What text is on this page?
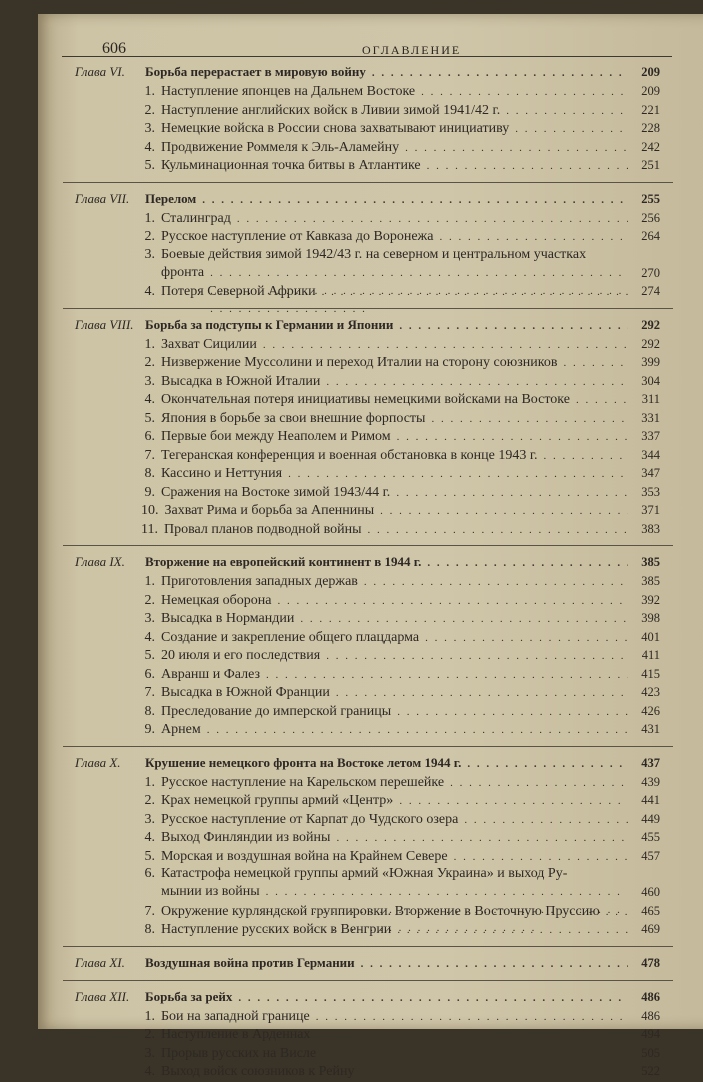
606	ОГЛАВЛЕНИЕ
Глава VI.	Борьба перерастает в мировую войну . . .	209
1. Наступление японцев на Дальнем Востоке . . .	209
2. Наступление английских войск в Ливии зимой 1941/42 г. . . .	221
3. Немецкие войска в России снова захватывают инициативу . . .	228
4. Продвижение Роммеля к Эль-Аламейну . . .	242
5. Кульминационная точка битвы в Атлантике . . .	251
Глава VII.	Перелом . . .	255
1. Сталинград . . .	256
2. Русское наступление от Кавказа до Воронежа . . .	264
3. Боевые действия зимой 1942/43 г. на северном и центральном участках
фронта . . .	270
4. Потеря Северной Африки . . .	274
Глава VIII. Борьба за подступы к Германии и Японии . . .	292
1. Захват Сицилии . . .	292
2. Низвержение Муссолини и переход Италии на сторону союзников . . .	399
3. Высадка в Южной Италии . . .	304
4. Окончательная потеря инициативы немецкими войсками на Востоке . . .	311
5. Япония в борьбе за свои внешние форпосты . . .	331
6. Первые бои между Неаполем и Римом . . .	337
7. Тегеранская конференция и военная обстановка в конце 1943 г. . . .	344
8. Кассино и Неттуния . . .	347
9. Сражения на Востоке зимой 1943/44 г. . . .	353
10. Захват Рима и борьба за Апеннины . . .	371
11. Провал планов подводной войны . . .	383
Глава IX.	Вторжение на европейский континент в 1944 г. . . .	385
1. Приготовления западных держав . . .	385
2. Немецкая оборона . . .	392
3. Высадка в Нормандии . . .	398
4. Создание и закрепление общего плацдарма . . .	401
5. 20 июля и его последствия . . .	411
6. Авранш и Фалез . . .	415
7. Высадка в Южной Франции . . .	423
8. Преследование до имперской границы . . .	426
9. Арнем . . .	431
Глава X.	Крушение немецкого фронта на Востоке летом 1944 г. . . .	437
1. Русское наступление на Карельском перешейке . . .	439
2. Крах немецкой группы армий «Центр» . . .	441
3. Русское наступление от Карпат до Чудского озера . . .	449
4. Выход Финляндии из войны . . .	455
5. Морская и воздушная война на Крайнем Севере . . .	457
6. Катастрофа немецкой группы армий «Южная Украина» и выход Ру-
мынии из войны . . .	460
7. Окружение курляндской группировки. Вторжение в Восточную Пруссию . . .	465
8. Наступление русских войск в Венгрии . . .	469
Глава XI.	Воздушная война против Германии . . .	478
Глава XII.	Борьба за рейх . . .	486
1. Бои на западной границе . . .	486
2. Наступление в Арденнах . . .	494
3. Прорыв русских на Висле . . .	505
4. Выход войск союзников к Рейну . . .	522
